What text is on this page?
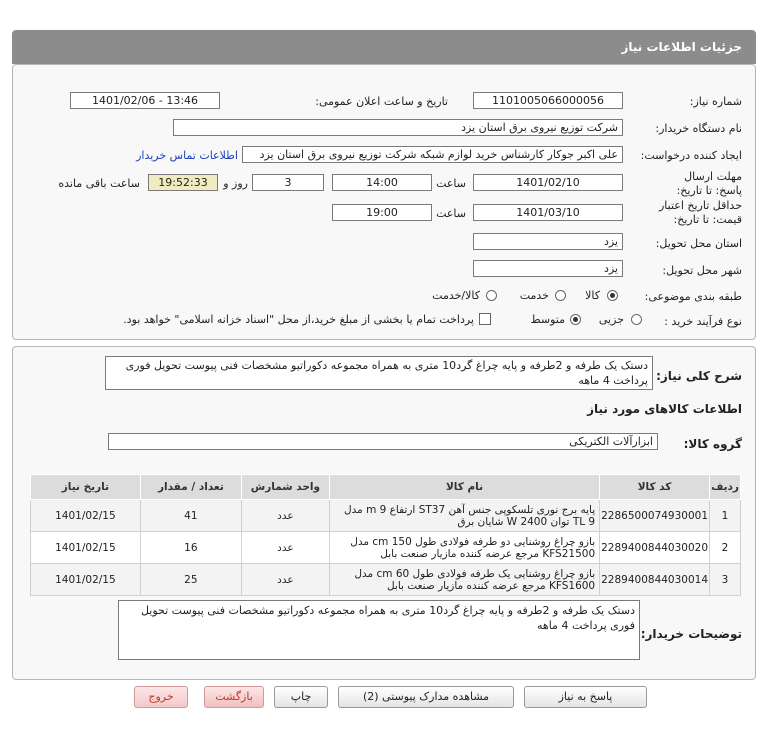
جزئیات اطلاعات نیاز
شماره نیاز:
1101005066000056
تاریخ و ساعت اعلان عمومی:
1401/02/06 - 13:46
نام دستگاه خریدار:
شرکت توزیع نیروی برق استان یزد
ایجاد کننده درخواست:
علی اکبر جوکار کارشناس خرید لوازم شبکه شرکت توزیع نیروی برق استان یزد
اطلاعات تماس خریدار
مهلت ارسال پاسخ: تا تاریخ:
1401/02/10
ساعت
14:00
3
روز و
19:52:33
ساعت باقی مانده
حداقل تاریخ اعتبار قیمت: تا تاریخ:
1401/03/10
ساعت
19:00
استان محل تحویل:
یزد
شهر محل تحویل:
یزد
طبقه بندی موضوعی:
کالا
خدمت
کالا/خدمت
نوع فرآیند خرید :
جزیی
متوسط
پرداخت تمام یا بخشی از مبلغ خرید،از محل "اسناد خزانه اسلامی" خواهد بود.
شرح کلی نیاز:
دستک یک طرفه و 2طرفه و پایه چراغ گرد10 متری به همراه مجموعه دکوراتیو مشخصات فنی پیوست تحویل فوری پرداخت 4 ماهه
اطلاعات کالاهای مورد نیاز
گروه کالا:
ابزارآلات الکتریکی
ردیف	کد کالا	نام کالا	واحد شمارش	تعداد / مقدار	تاریخ نیاز
1	2286500074930001	پایه برج نوری تلسکوپی جنس آهن ST37 ارتفاع m 9 مدل TL 9 توان W 2400 شایان برق	عدد	41	1401/02/15
2	2289400844030020	بازو چراغ روشنایی دو طرفه فولادی طول cm 150 مدل KFS21500 مرجع عرضه کننده مازیار صنعت بابل	عدد	16	1401/02/15
3	2289400844030014	بازو چراغ روشنایی یک طرفه فولادی طول cm 60 مدل KFS1600 مرجع عرضه کننده مازیار صنعت بابل	عدد	25	1401/02/15
توضیحات خریدار:
دستک یک طرفه و 2طرفه و پایه چراغ گرد10 متری به همراه مجموعه دکوراتیو مشخصات فنی پیوست تحویل فوری پرداخت 4 ماهه
پاسخ به نیاز
مشاهده مدارک پیوستی (2)
چاپ
بازگشت
خروج
